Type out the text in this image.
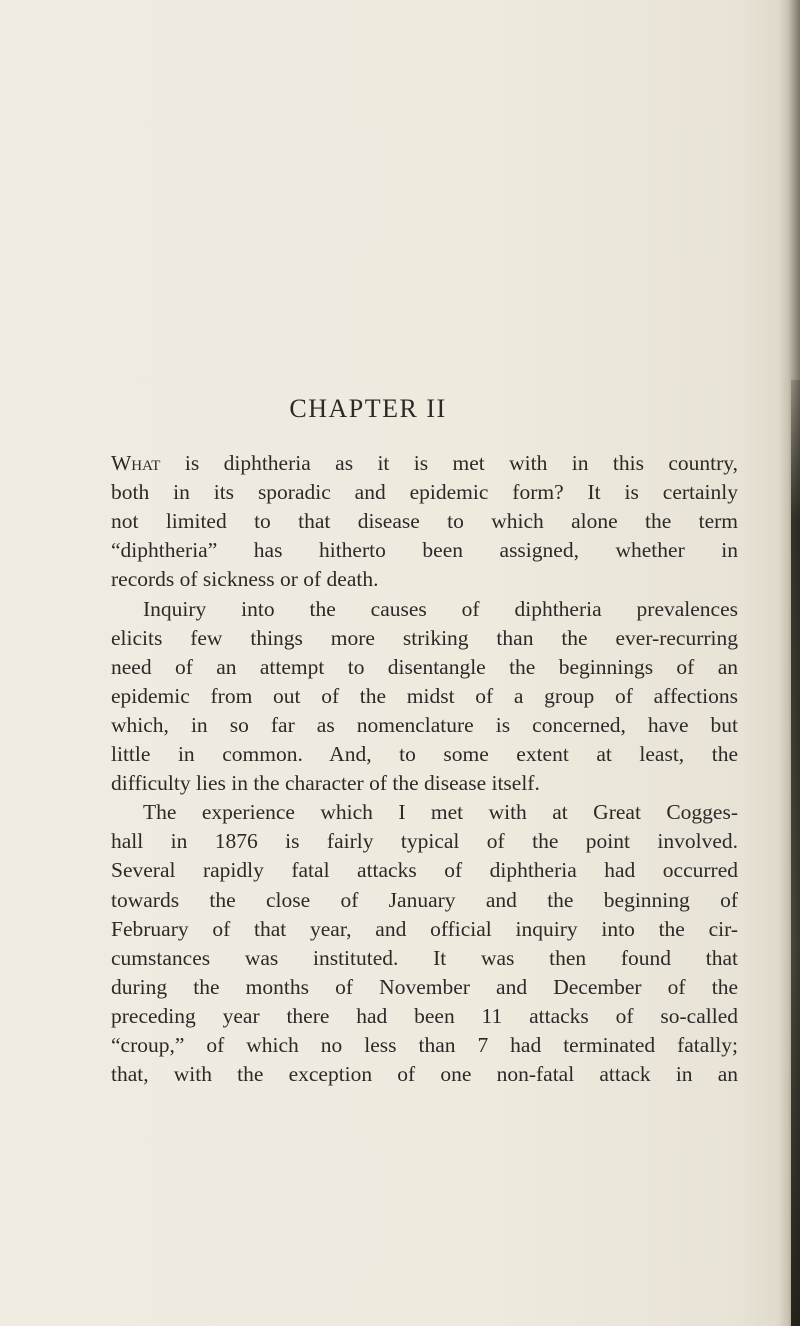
CHAPTER II
What is diphtheria as it is met with in this country,
both in its sporadic and epidemic form? It is certainly
not limited to that disease to which alone the term
“diphtheria” has hitherto been assigned, whether in
records of sickness or of death.
Inquiry into the causes of diphtheria prevalences
elicits few things more striking than the ever-recurring
need of an attempt to disentangle the beginnings of an
epidemic from out of the midst of a group of affections
which, in so far as nomenclature is concerned, have but
little in common. And, to some extent at least, the
difficulty lies in the character of the disease itself.
The experience which I met with at Great Cogges-
hall in 1876 is fairly typical of the point involved.
Several rapidly fatal attacks of diphtheria had occurred
towards the close of January and the beginning of
February of that year, and official inquiry into the cir-
cumstances was instituted. It was then found that
during the months of November and December of the
preceding year there had been 11 attacks of so-called
“croup,” of which no less than 7 had terminated fatally;
that, with the exception of one non-fatal attack in an
